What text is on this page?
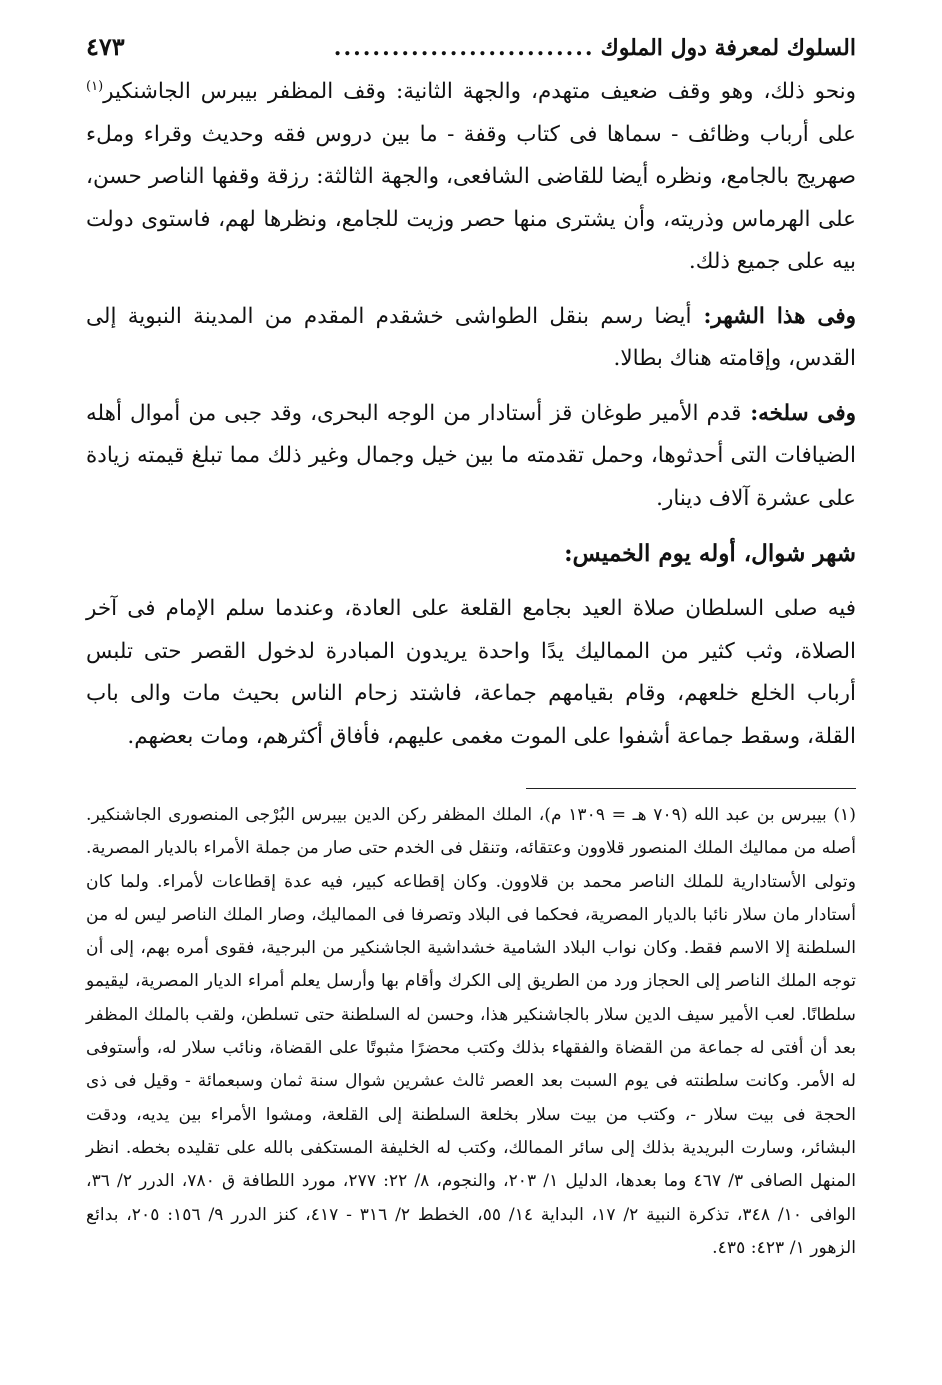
السلوك لمعرفة دول الملوك
...........................
٤٧٣

ونحو ذلك، وهو وقف ضعيف متهدم، والجهة الثانية: وقف المظفر بيبرس الجاشنكير$^{(١)}$ على أرباب وظائف - سماها فى كتاب وقفة - ما بين دروس فقه وحديث وقراء وملء صهريج بالجامع، ونظره أيضا للقاضى الشافعى، والجهة الثالثة: رزقة وقفها الناصر حسن، على الهرماس وذريته، وأن يشترى منها حصر وزيت للجامع، ونظرها لهم، فاستوى دولت بيه على جميع ذلك.

وفى هذا الشهر: أيضا رسم بنقل الطواشى خشقدم المقدم من المدينة النبوية إلى القدس، وإقامته هناك بطالا.

وفى سلخه: قدم الأمير طوغان قز أستادار من الوجه البحرى، وقد جبى من أموال أهله الضيافات التى أحدثوها، وحمل تقدمته ما بين خيل وجمال وغير ذلك مما تبلغ قيمته زيادة على عشرة آلاف دينار.

شهر شوال، أوله يوم الخميس:

فيه صلى السلطان صلاة العيد بجامع القلعة على العادة، وعندما سلم الإمام فى آخر الصلاة، وثب كثير من المماليك يدًا واحدة يريدون المبادرة لدخول القصر حتى تلبس أرباب الخلع خلعهم، وقام بقيامهم جماعة، فاشتد زحام الناس بحيث مات والى باب القلة، وسقط جماعة أشفوا على الموت مغمى عليهم، فأفاق أكثرهم، ومات بعضهم.

(١) بيبرس بن عبد الله (٧٠٩ هـ = ١٣٠٩ م)، الملك المظفر ركن الدين بيبرس البُرْجى المنصورى الجاشنكير. أصله من مماليك الملك المنصور قلاوون وعتقائه، وتنقل فى الخدم حتى صار من جملة الأمراء بالديار المصرية. وتولى الأستادارية للملك الناصر محمد بن قلاوون. وكان إقطاعه كبير، فيه عدة إقطاعات لأمراء. ولما كان أستادار مان سلار نائبا بالديار المصرية، فحكما فى البلاد وتصرفا فى المماليك، وصار الملك الناصر ليس له من السلطنة إلا الاسم فقط. وكان نواب البلاد الشامية خشداشية الجاشنكير من البرجية، فقوى أمره بهم، إلى أن توجه الملك الناصر إلى الحجاز ورد من الطريق إلى الكرك وأقام بها وأرسل يعلم أمراء الديار المصرية، ليقيمو سلطانًا. لعب الأمير سيف الدين سلار بالجاشنكير هذا، وحسن له السلطنة حتى تسلطن، ولقب بالملك المظفر بعد أن أفتى له جماعة من القضاة والفقهاء بذلك وكتب محضرًا مثبوتًا على القضاة، ونائب سلار له، وأستوفى له الأمر. وكانت سلطنته فى يوم السبت بعد العصر ثالث عشرين شوال سنة ثمان وسبعمائة - وقيل فى ذى الحجة فى بيت سلار -، وكتب من بيت سلار بخلعة السلطنة إلى القلعة، ومشوا الأمراء بين يديه، ودقت البشائر، وسارت البريدية بذلك إلى سائر الممالك، وكتب له الخليفة المستكفى بالله على تقليده بخطه. انظر المنهل الصافى ٣/ ٤٦٧ وما بعدها، الدليل ١/ ٢٠٣، والنجوم، ٨/ ٢٢: ٢٧٧، مورد اللطافة ق ٧٨٠، الدرر ٢/ ٣٦، الوافى ١٠/ ٣٤٨، تذكرة النبية ٢/ ١٧، البداية ١٤/ ٥٥، الخطط ٢/ ٣١٦ - ٤١٧، كنز الدرر ٩/ ١٥٦: ٢٠٥، بدائع الزهور ١/ ٤٢٣: ٤٣٥.
